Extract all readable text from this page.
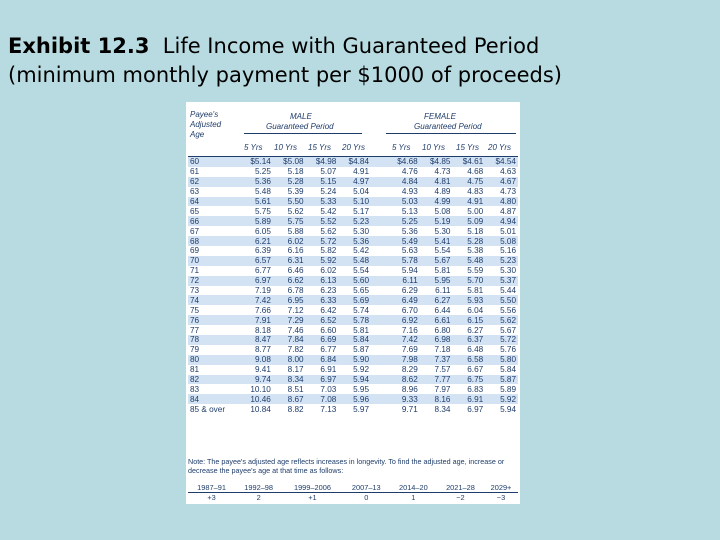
Exhibit 12.3  Life Income with Guaranteed Period
(minimum monthly payment per $1000 of proceeds)
Payee's
Adjusted
Age
MALE
Guaranteed Period
FEMALE
Guaranteed Period
5 Yrs 10 Yrs 15 Yrs 20 Yrs	5 Yrs 10 Yrs 15 Yrs 20 Yrs
60	$5.14	$5.08	$4.98	$4.84		$4.68	$4.85	$4.61	$4.54
61	5.25	5.18	5.07	4.91		4.76	4.73	4.68	4.63
62	5.36	5.28	5.15	4.97		4.84	4.81	4.75	4.67
63	5.48	5.39	5.24	5.04		4.93	4.89	4.83	4.73
64	5.61	5.50	5.33	5.10		5.03	4.99	4.91	4.80
65	5.75	5.62	5.42	5.17		5.13	5.08	5.00	4.87
66	5.89	5.75	5.52	5.23		5.25	5.19	5.09	4.94
67	6.05	5.88	5.62	5.30		5.36	5.30	5.18	5.01
68	6.21	6.02	5.72	5.36		5.49	5.41	5.28	5.08
69	6.39	6.16	5.82	5.42		5.63	5.54	5.38	5.16
70	6.57	6.31	5.92	5.48		5.78	5.67	5.48	5.23
71	6.77	6.46	6.02	5.54		5.94	5.81	5.59	5.30
72	6.97	6.62	6.13	5.60		6.11	5.95	5.70	5.37
73	7.19	6.78	6.23	5.65		6.29	6.11	5.81	5.44
74	7.42	6.95	6.33	5.69		6.49	6.27	5.93	5.50
75	7.66	7.12	6.42	5.74		6.70	6.44	6.04	5.56
76	7.91	7.29	6.52	5.78		6.92	6.61	6.15	5.62
77	8.18	7.46	6.60	5.81		7.16	6.80	6.27	5.67
78	8.47	7.84	6.69	5.84		7.42	6.98	6.37	5.72
79	8.77	7.82	6.77	5.87		7.69	7.18	6.48	5.76
80	9.08	8.00	6.84	5.90		7.98	7.37	6.58	5.80
81	9.41	8.17	6.91	5.92		8.29	7.57	6.67	5.84
82	9.74	8.34	6.97	5.94		8.62	7.77	6.75	5.87
83	10.10	8.51	7.03	5.95		8.96	7.97	6.83	5.89
84	10.46	8.67	7.08	5.96		9.33	8.16	6.91	5.92
85 & over	10.84	8.82	7.13	5.97		9.71	8.34	6.97	5.94
Note: The payee's adjusted age reflects increases in longevity. To find the adjusted age, increase or decrease the payee's age at that time as follows:
1987–91	1992–98	1999–2006	2007–13	2014–20	2021–28	2029+
+3	2	+1	0	1	−2	−3
